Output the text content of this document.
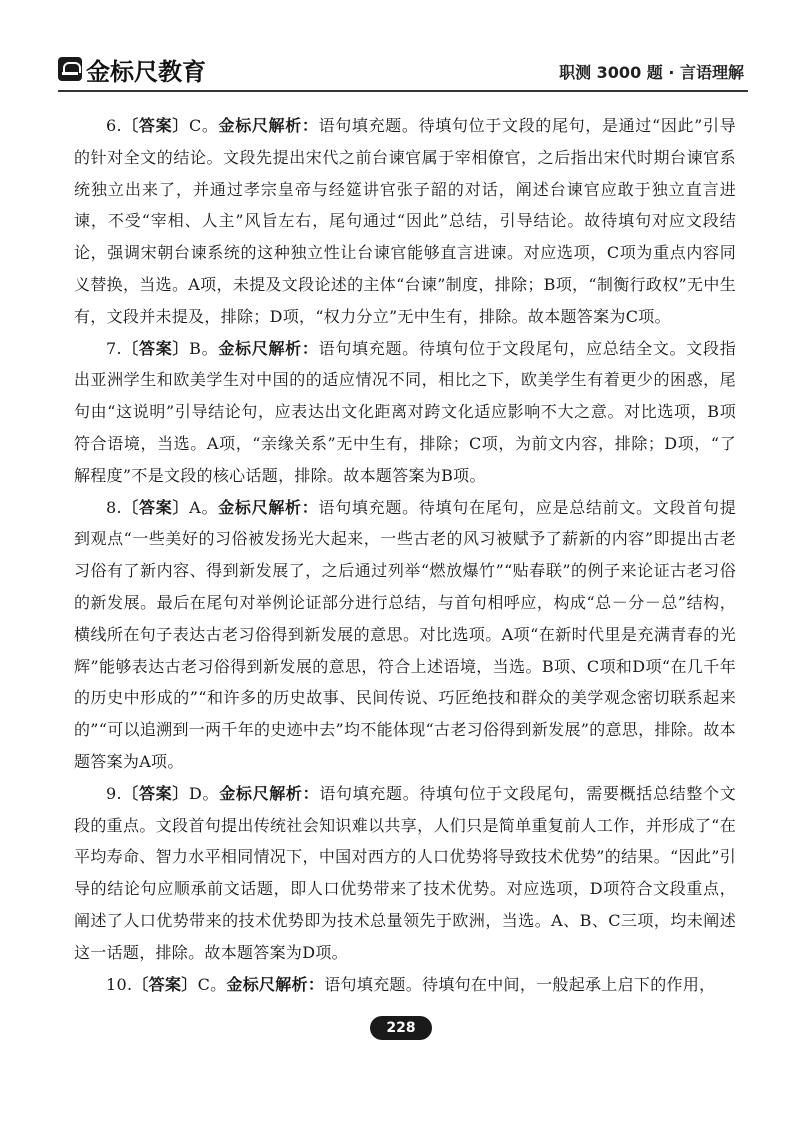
金标尺教育	职测 3000 题 · 言语理解

6.〔答案〕C。金标尺解析：语句填充题。待填句位于文段的尾句，是通过“因此”引导的针对全文的结论。文段先提出宋代之前台谏官属于宰相僚官，之后指出宋代时期台谏官系统独立出来了，并通过孝宗皇帝与经筵讲官张子韶的对话，阐述台谏官应敢于独立直言进谏，不受“宰相、人主”风旨左右，尾句通过“因此”总结，引导结论。故待填句对应文段结论，强调宋朝台谏系统的这种独立性让台谏官能够直言进谏。对应选项，C项为重点内容同义替换，当选。A项，未提及文段论述的主体“台谏”制度，排除；B项，“制衡行政权”无中生有，文段并未提及，排除；D项，“权力分立”无中生有，排除。故本题答案为C项。

7.〔答案〕B。金标尺解析：语句填充题。待填句位于文段尾句，应总结全文。文段指出亚洲学生和欧美学生对中国的的适应情况不同，相比之下，欧美学生有着更少的困惑，尾句由“这说明”引导结论句，应表达出文化距离对跨文化适应影响不大之意。对比选项，B项符合语境，当选。A项，“亲缘关系”无中生有，排除；C项，为前文内容，排除；D项，“了解程度”不是文段的核心话题，排除。故本题答案为B项。

8.〔答案〕A。金标尺解析：语句填充题。待填句在尾句，应是总结前文。文段首句提到观点“一些美好的习俗被发扬光大起来，一些古老的风习被赋予了薪新的内容”即提出古老习俗有了新内容、得到新发展了，之后通过列举“燃放爆竹”“贴春联”的例子来论证古老习俗的新发展。最后在尾句对举例论证部分进行总结，与首句相呼应，构成“总－分－总”结构，横线所在句子表达古老习俗得到新发展的意思。对比选项。A项“在新时代里是充满青春的光辉”能够表达古老习俗得到新发展的意思，符合上述语境，当选。B项、C项和D项“在几千年的历史中形成的”“和许多的历史故事、民间传说、巧匠绝技和群众的美学观念密切联系起来的”“可以追溯到一两千年的史迹中去”均不能体现“古老习俗得到新发展”的意思，排除。故本题答案为A项。

9.〔答案〕D。金标尺解析：语句填充题。待填句位于文段尾句，需要概括总结整个文段的重点。文段首句提出传统社会知识难以共享，人们只是简单重复前人工作，并形成了“在平均寿命、智力水平相同情况下，中国对西方的人口优势将导致技术优势”的结果。“因此”引导的结论句应顺承前文话题，即人口优势带来了技术优势。对应选项，D项符合文段重点，阐述了人口优势带来的技术优势即为技术总量领先于欧洲，当选。A、B、C三项，均未阐述这一话题，排除。故本题答案为D项。

10.〔答案〕C。金标尺解析：语句填充题。待填句在中间，一般起承上启下的作用，

228
